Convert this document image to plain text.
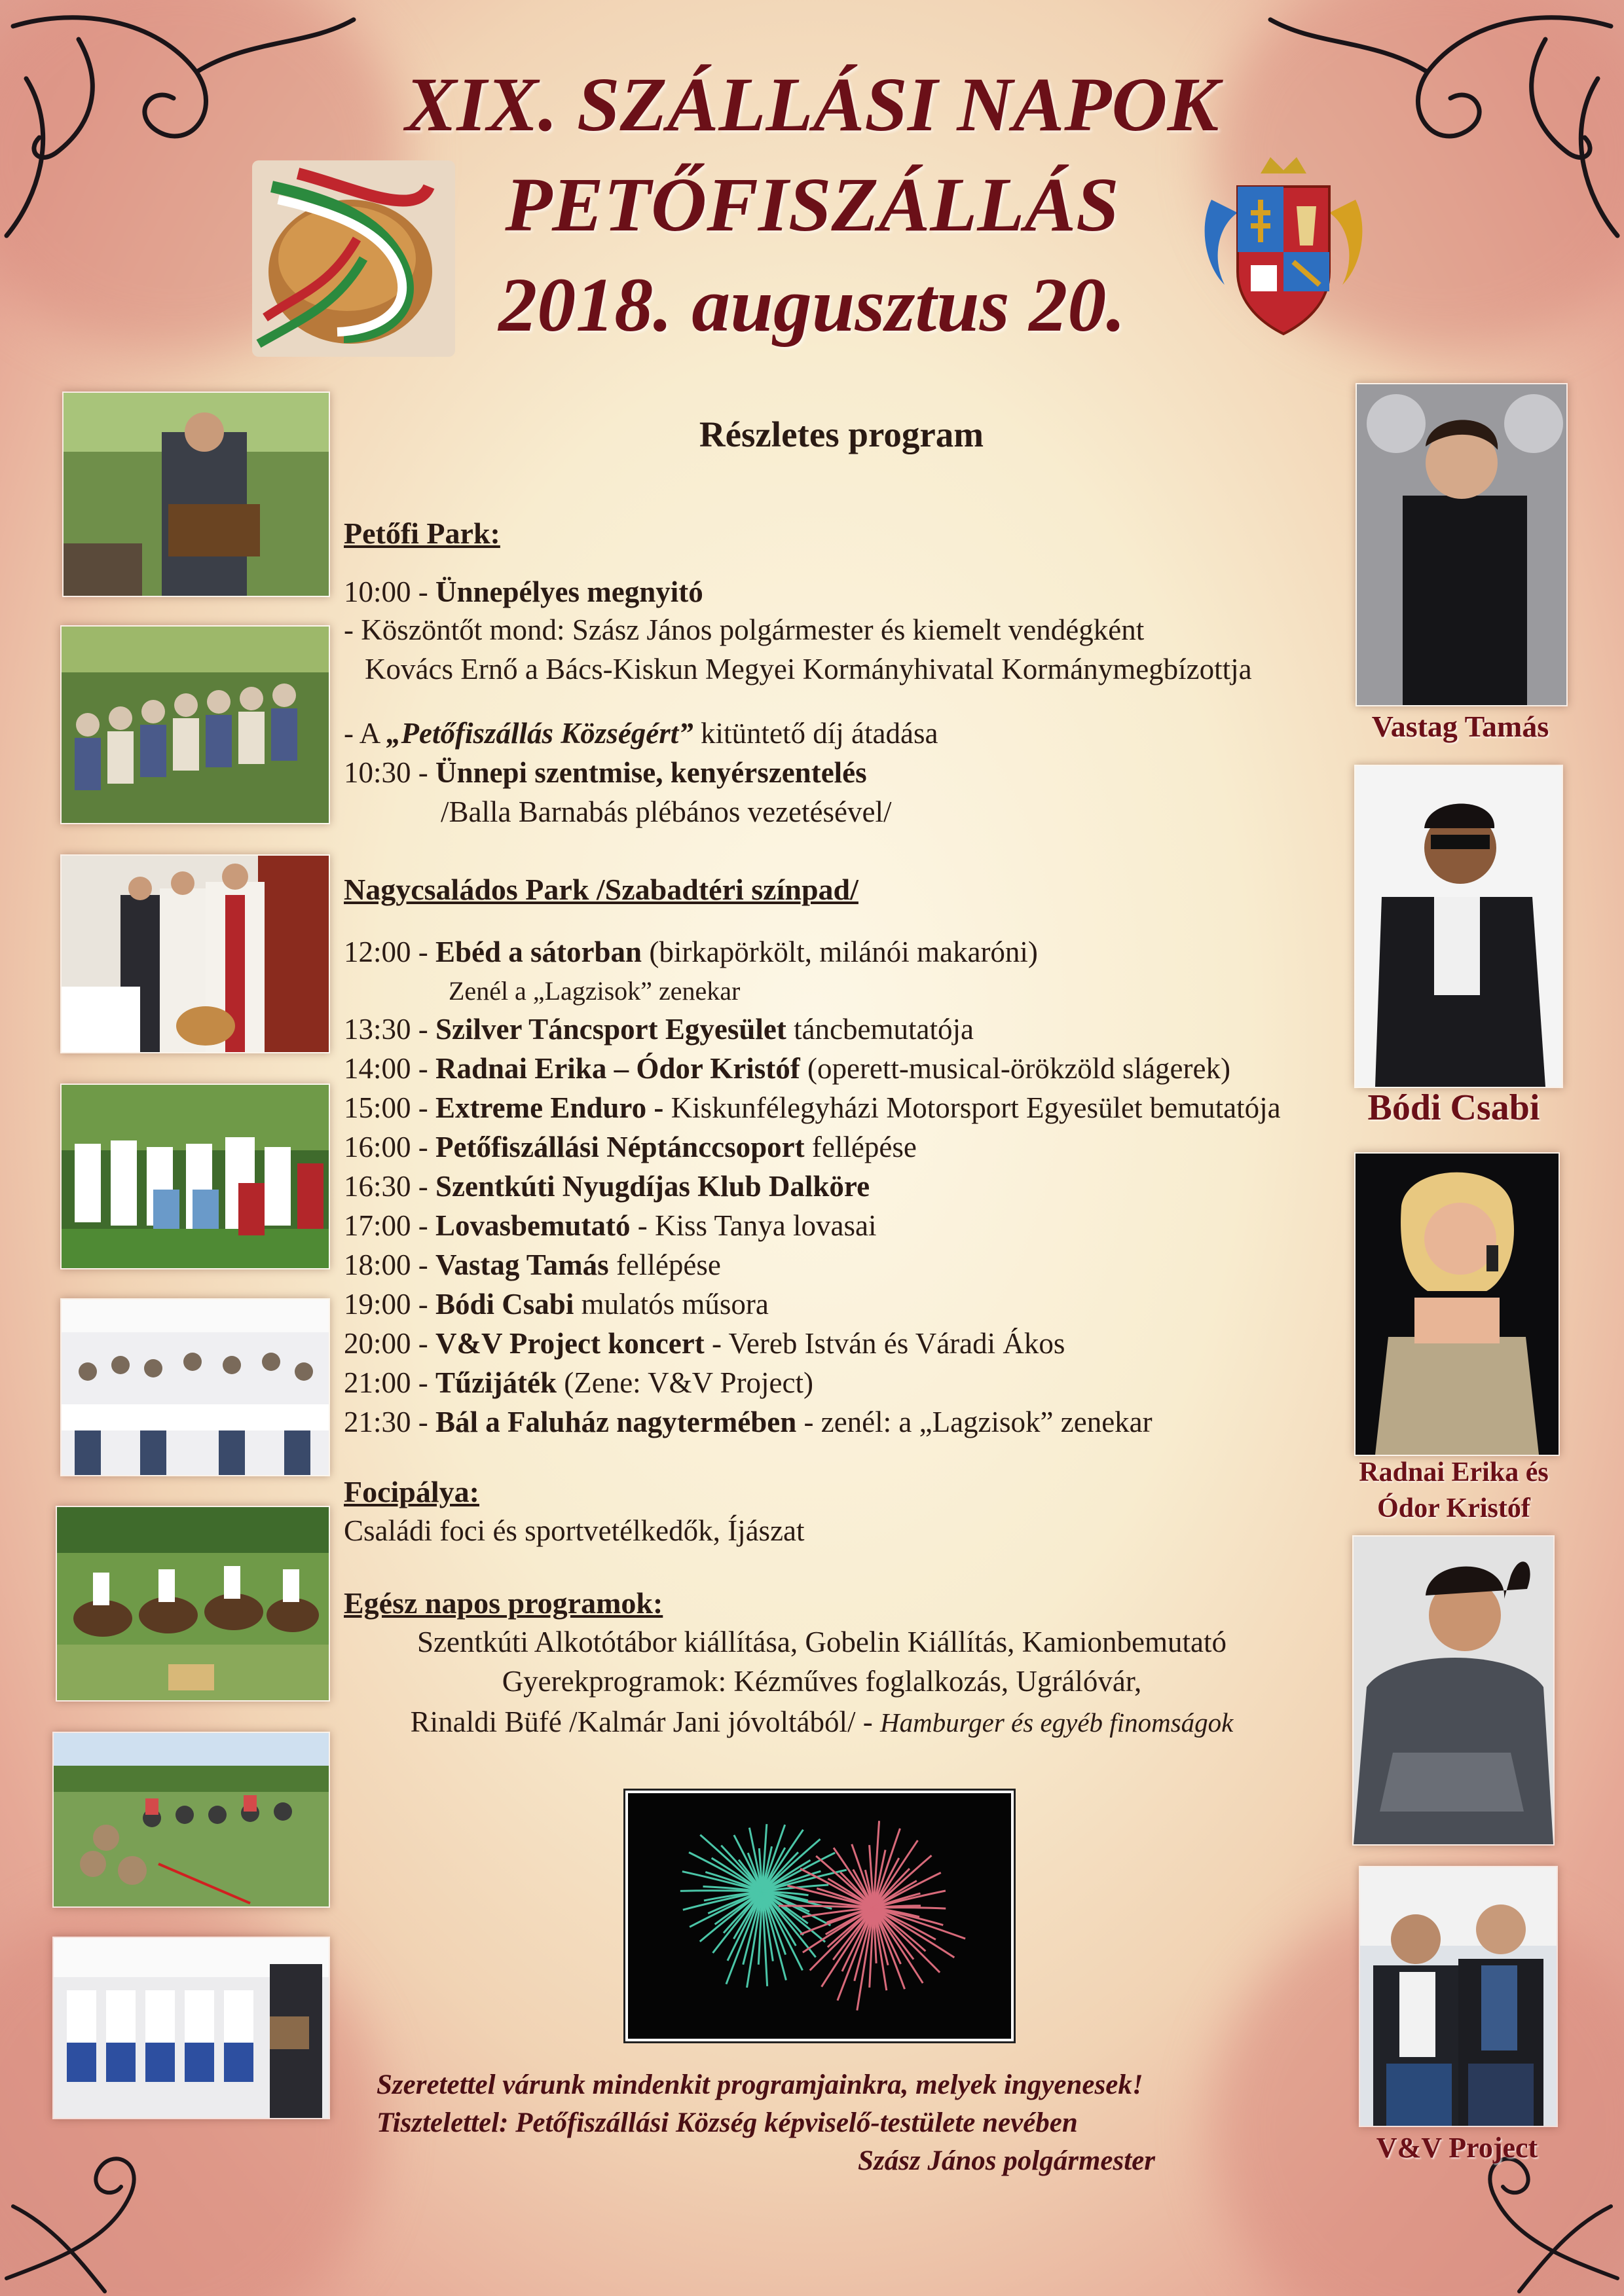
XIX. SZÁLLÁSI NAPOK
PETŐFISZÁLLÁS
2018. augusztus 20.
Vastag Tamás
Bódi Csabi
Radnai Erika és
Ódor Kristóf
V&V Project
Részletes program
Petőfi Park:
10:00 - Ünnepélyes megnyitó
- Köszöntőt mond: Szász János polgármester és kiemelt vendégként
Kovács Ernő a Bács-Kiskun Megyei Kormányhivatal Kormánymegbízottja
- A „Petőfiszállás Községért” kitüntető díj átadása
10:30 - Ünnepi szentmise, kenyérszentelés
/Balla Barnabás plébános vezetésével/
Nagycsaládos Park /Szabadtéri színpad/
12:00 - Ebéd a sátorban (birkapörkölt, milánói makaróni)
13:30 - Szilver Táncsport Egyesület táncbemutatója
14:00 - Radnai Erika – Ódor Kristóf (operett-musical-örökzöld slágerek)
15:00 - Extreme Enduro - Kiskunfélegyházi Motorsport Egyesület bemutatója
16:00 - Petőfiszállási Néptánccsoport fellépése
16:30 - Szentkúti Nyugdíjas Klub Dalköre
17:00 - Lovasbemutató - Kiss Tanya lovasai
18:00 - Vastag Tamás fellépése
19:00 - Bódi Csabi mulatós műsora
20:00 - V&V Project koncert - Vereb István és Váradi Ákos
21:00 - Tűzijáték (Zene: V&V Project)
21:30 - Bál a Faluház nagytermében - zenél: a „Lagzisok” zenekar
Zenél a „Lagzisok” zenekar
Focipálya:
Családi foci és sportvetélkedők, Íjászat
Egész napos programok:
Szentkúti Alkotótábor kiállítása, Gobelin Kiállítás, Kamionbemutató
Gyerekprogramok: Kézműves foglalkozás, Ugrálóvár,
Rinaldi Büfé /Kalmár Jani jóvoltából/ - Hamburger és egyéb finomságok
Szeretettel várunk mindenkit programjainkra, melyek ingyenesek!
Tisztelettel: Petőfiszállási Község képviselő-testülete nevében
Szász János polgármester
